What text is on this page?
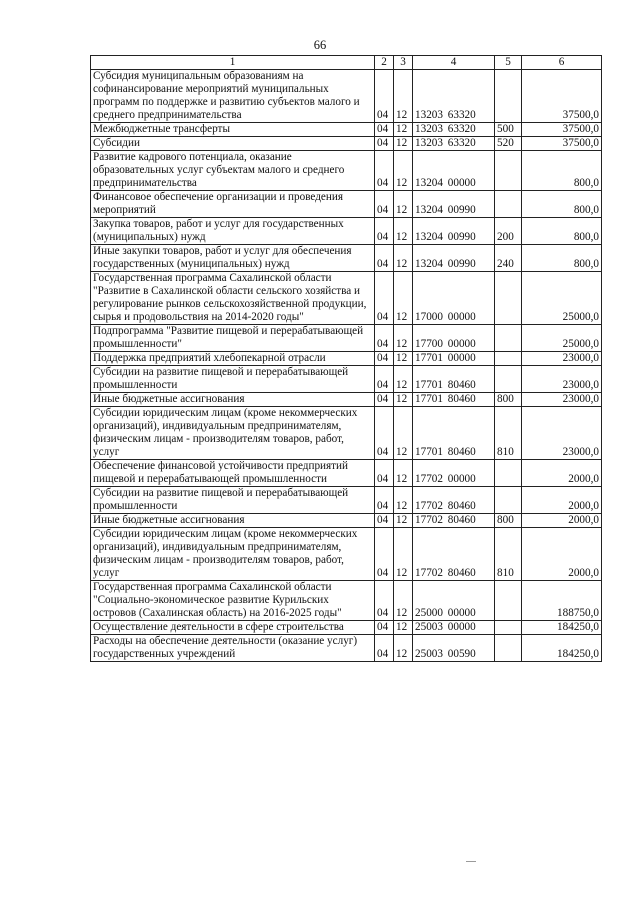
66
1	2	3	4	5	6
Субсидия муниципальным образованиям на софинансирование мероприятий муниципальных программ по поддержке и развитию субъектов малого и среднего предпринимательства	04	12	13203 63320		37500,0
Межбюджетные трансферты	04	12	13203 63320	500	37500,0
Субсидии	04	12	13203 63320	520	37500,0
Развитие кадрового потенциала, оказание образовательных услуг субъектам малого и среднего предпринимательства	04	12	13204 00000		800,0
Финансовое обеспечение организации и проведения мероприятий	04	12	13204 00990		800,0
Закупка товаров, работ и услуг для государственных (муниципальных) нужд	04	12	13204 00990	200	800,0
Иные закупки товаров, работ и услуг для обеспечения государственных (муниципальных) нужд	04	12	13204 00990	240	800,0
Государственная программа Сахалинской области "Развитие в Сахалинской области сельского хозяйства и регулирование рынков сельскохозяйственной продукции, сырья и продовольствия на 2014-2020 годы"	04	12	17000 00000		25000,0
Подпрограмма "Развитие пищевой и перерабатывающей промышленности"	04	12	17700 00000		25000,0
Поддержка предприятий хлебопекарной отрасли	04	12	17701 00000		23000,0
Субсидии на развитие пищевой и перерабатывающей промышленности	04	12	17701 80460		23000,0
Иные бюджетные ассигнования	04	12	17701 80460	800	23000,0
Субсидии юридическим лицам (кроме некоммерческих организаций), индивидуальным предпринимателям, физическим лицам - производителям товаров, работ, услуг	04	12	17701 80460	810	23000,0
Обеспечение финансовой устойчивости предприятий пищевой и перерабатывающей промышленности	04	12	17702 00000		2000,0
Субсидии на развитие пищевой и перерабатывающей промышленности	04	12	17702 80460		2000,0
Иные бюджетные ассигнования	04	12	17702 80460	800	2000,0
Субсидии юридическим лицам (кроме некоммерческих организаций), индивидуальным предпринимателям, физическим лицам - производителям товаров, работ, услуг	04	12	17702 80460	810	2000,0
Государственная программа Сахалинской области "Социально-экономическое развитие Курильских островов (Сахалинская область) на 2016-2025 годы"	04	12	25000 00000		188750,0
Осуществление деятельности в сфере строительства	04	12	25003 00000		184250,0
Расходы на обеспечение деятельности (оказание услуг) государственных учреждений	04	12	25003 00590		184250,0
